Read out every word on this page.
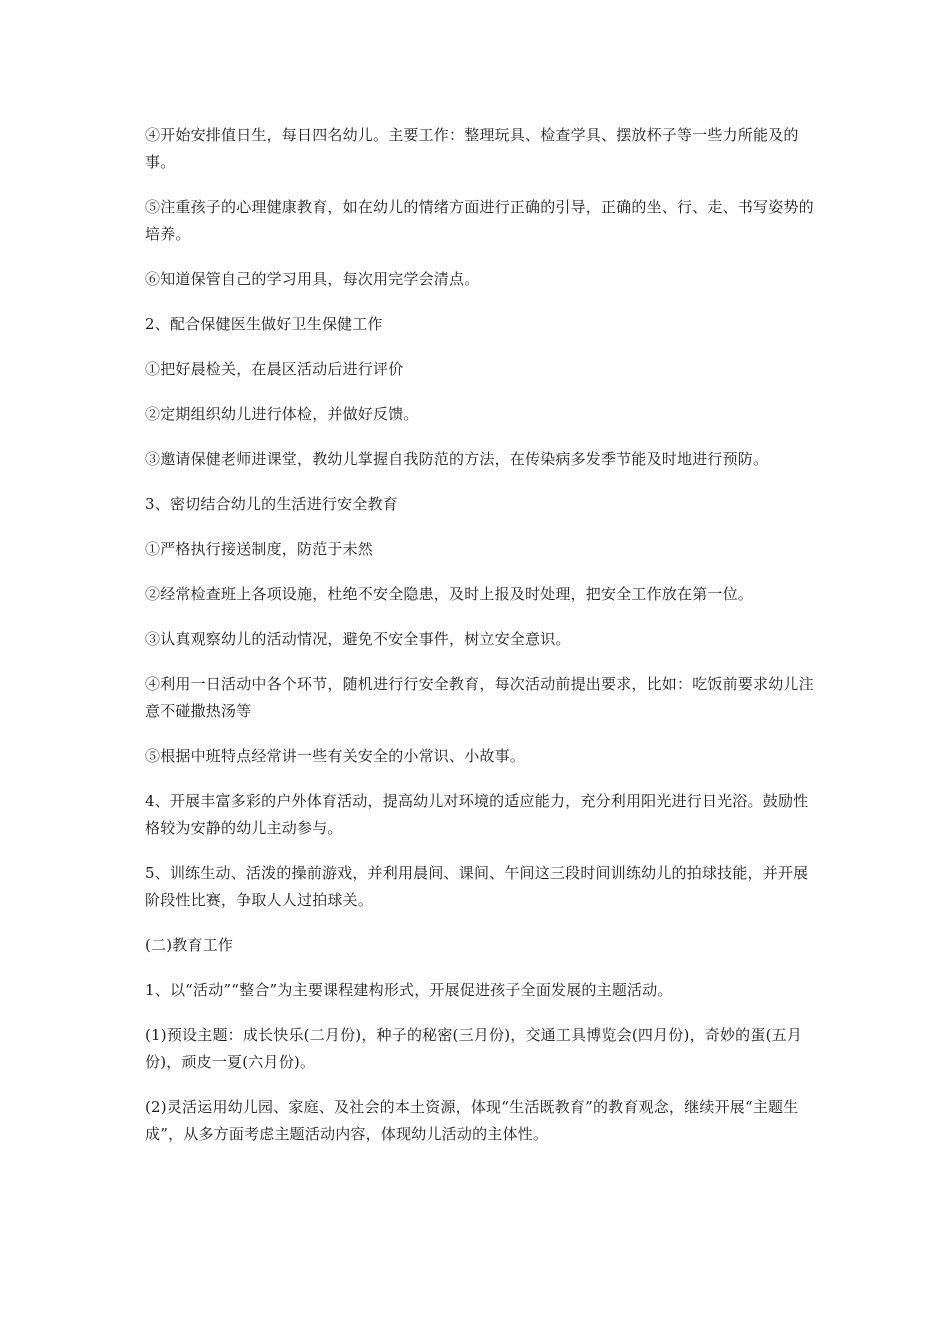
④开始安排值日生，每日四名幼儿。主要工作：整理玩具、检查学具、摆放杯子等一些力所能及的事。

⑤注重孩子的心理健康教育，如在幼儿的情绪方面进行正确的引导，正确的坐、行、走、书写姿势的培养。

⑥知道保管自己的学习用具，每次用完学会清点。

2、配合保健医生做好卫生保健工作

①把好晨检关，在晨区活动后进行评价

②定期组织幼儿进行体检，并做好反馈。

③邀请保健老师进课堂，教幼儿掌握自我防范的方法，在传染病多发季节能及时地进行预防。

3、密切结合幼儿的生活进行安全教育

①严格执行接送制度，防范于未然

②经常检查班上各项设施，杜绝不安全隐患，及时上报及时处理，把安全工作放在第一位。

③认真观察幼儿的活动情况，避免不安全事件，树立安全意识。

④利用一日活动中各个环节，随机进行行安全教育，每次活动前提出要求，比如：吃饭前要求幼儿注意不碰撒热汤等

⑤根据中班特点经常讲一些有关安全的小常识、小故事。

4、开展丰富多彩的户外体育活动，提高幼儿对环境的适应能力，充分利用阳光进行日光浴。鼓励性格较为安静的幼儿主动参与。

5、训练生动、活泼的操前游戏，并利用晨间、课间、午间这三段时间训练幼儿的拍球技能，并开展阶段性比赛，争取人人过拍球关。

(二)教育工作

1、以“活动”“整合”为主要课程建构形式，开展促进孩子全面发展的主题活动。

(1)预设主题：成长快乐(二月份)，种子的秘密(三月份)，交通工具博览会(四月份)，奇妙的蛋(五月份)，顽皮一夏(六月份)。

(2)灵活运用幼儿园、家庭、及社会的本土资源，体现“生活既教育”的教育观念，继续开展“主题生成”，从多方面考虑主题活动内容，体现幼儿活动的主体性。
